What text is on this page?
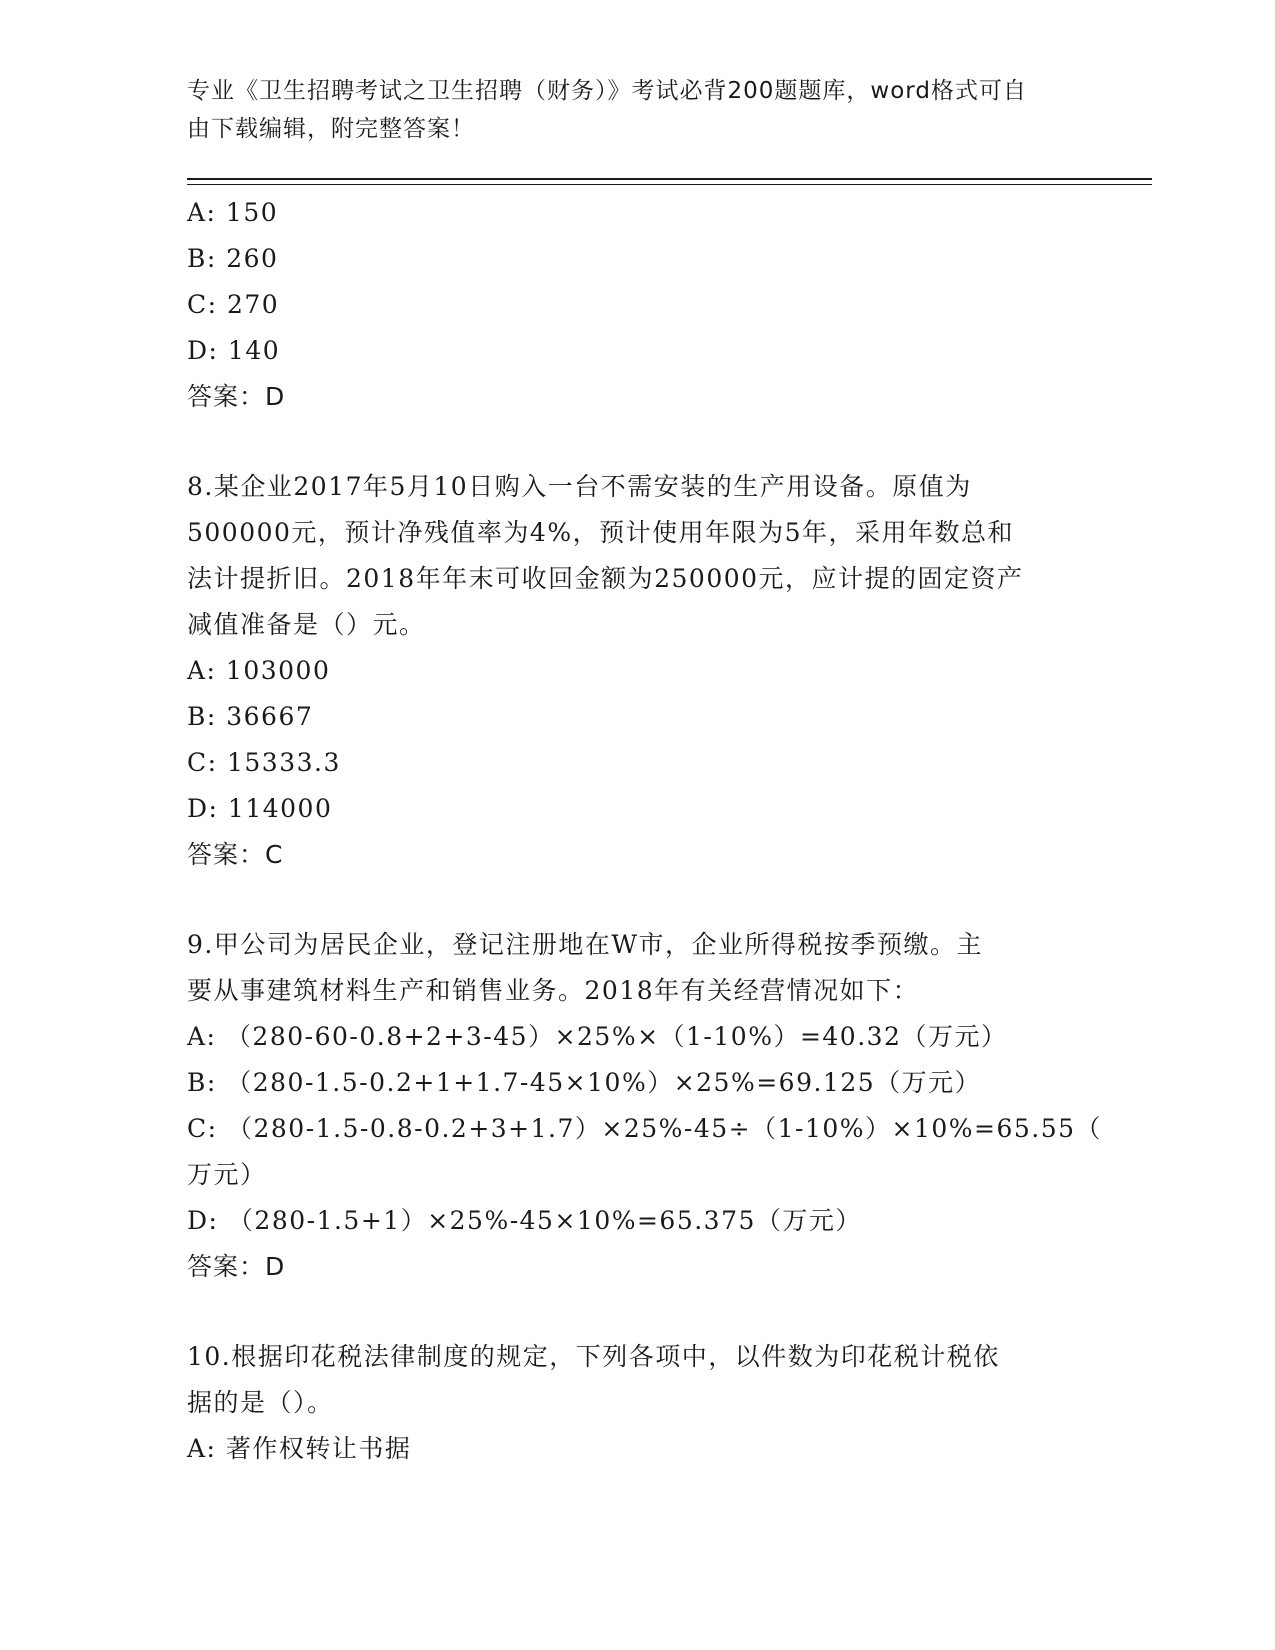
专业《卫生招聘考试之卫生招聘（财务）》考试必背200题题库，word格式可自
由下载编辑，附完整答案！
A: 150
B: 260
C: 270
D: 140
答案：D
8.某企业2017年5月10日购入一台不需安装的生产用设备。原值为
500000元，预计净残值率为4%，预计使用年限为5年，采用年数总和
法计提折旧。2018年年末可收回金额为250000元，应计提的固定资产
减值准备是（）元。
A: 103000
B: 36667
C: 15333.3
D: 114000
答案：C
9.甲公司为居民企业，登记注册地在W市，企业所得税按季预缴。主
要从事建筑材料生产和销售业务。2018年有关经营情况如下：
A: （280-60-0.8+2+3-45）×25%×（1-10%）=40.32（万元）
B: （280-1.5-0.2+1+1.7-45×10%）×25%=69.125（万元）
C: （280-1.5-0.8-0.2+3+1.7）×25%-45÷（1-10%）×10%=65.55（
万元）
D: （280-1.5+1）×25%-45×10%=65.375（万元）
答案：D
10.根据印花税法律制度的规定，下列各项中，以件数为印花税计税依
据的是（）。
A: 著作权转让书据
